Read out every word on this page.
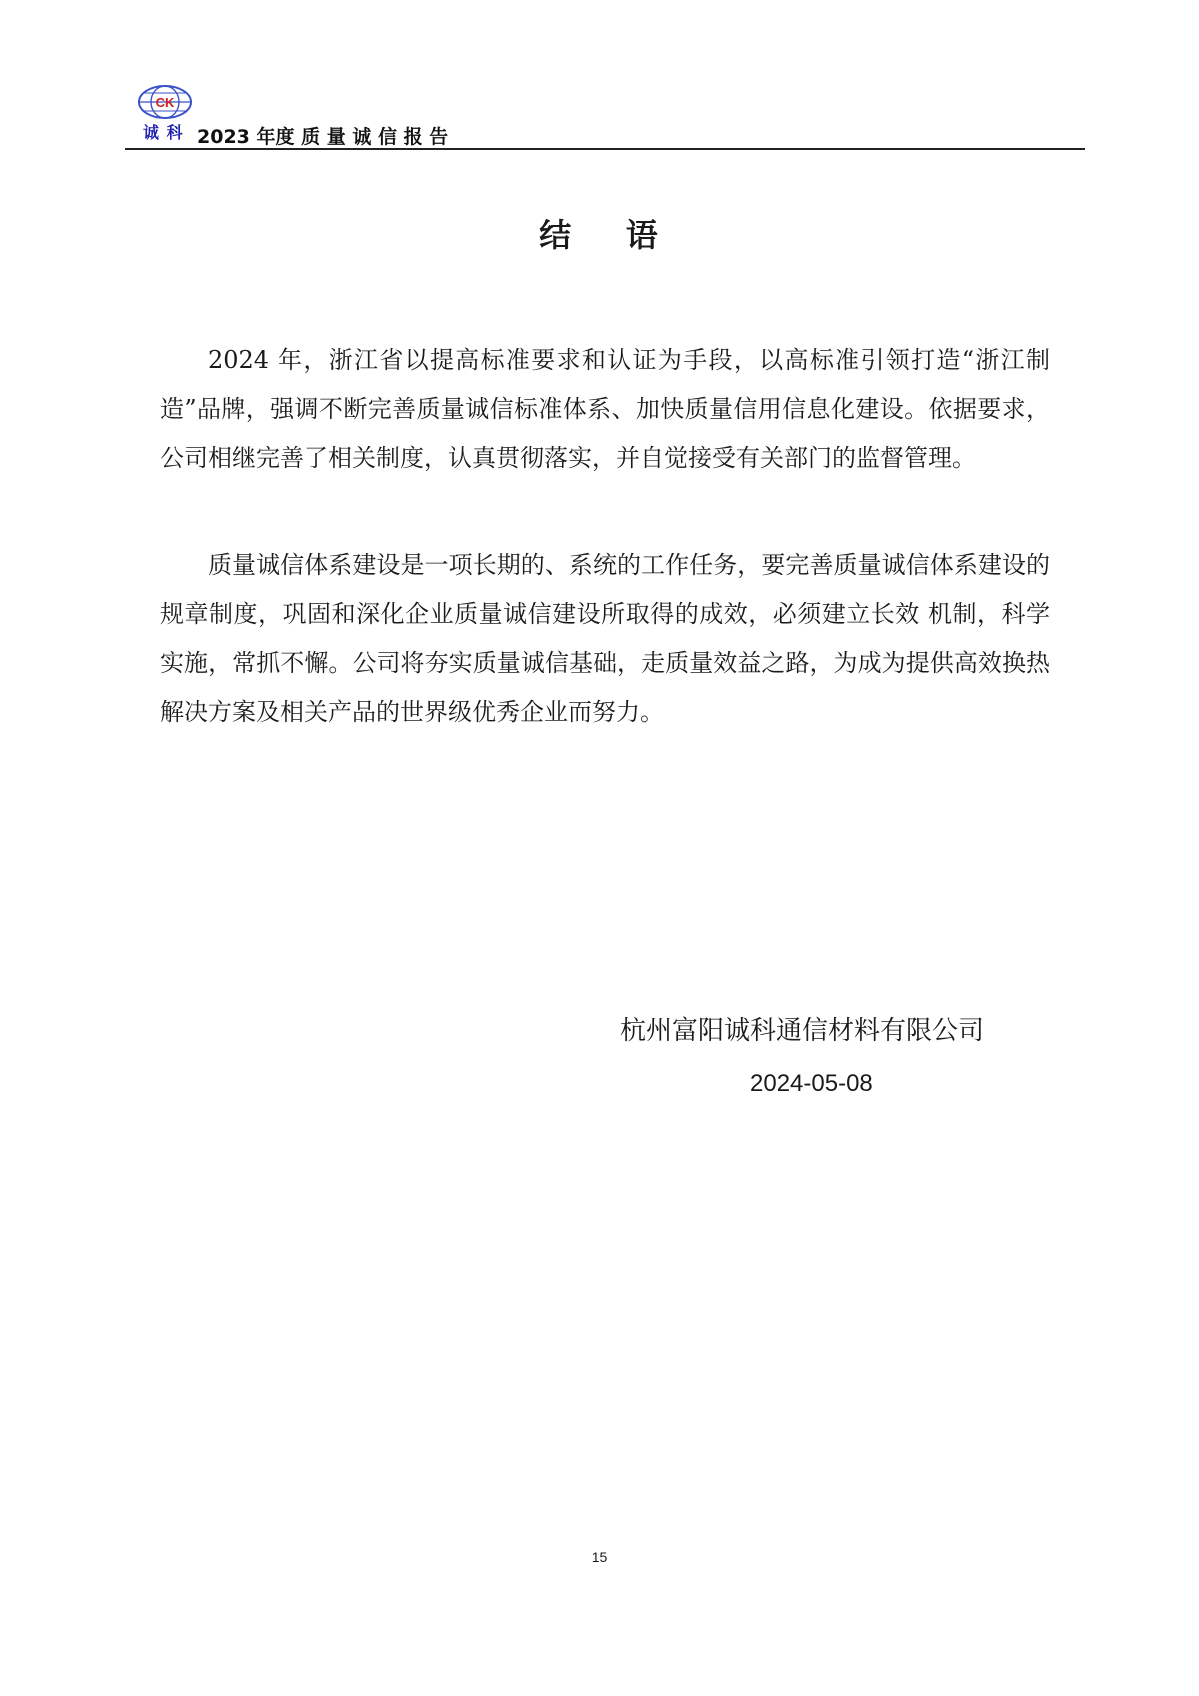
CK
诚 科 2023 年度 质 量 诚 信 报 告
结    语

2024 年，浙江省以提高标准要求和认证为手段，以高标准引领打造“浙江制造”品牌，强调不断完善质量诚信标准体系、加快质量信用信息化建设。依据要求，公司相继完善了相关制度，认真贯彻落实，并自觉接受有关部门的监督管理。

质量诚信体系建设是一项长期的、系统的工作任务，要完善质量诚信体系建设的规章制度，巩固和深化企业质量诚信建设所取得的成效，必须建立长效 机制，科学实施，常抓不懈。公司将夯实质量诚信基础，走质量效益之路，为成为提供高效换热解决方案及相关产品的世界级优秀企业而努力。

杭州富阳诚科通信材料有限公司
2024-05-08
15
